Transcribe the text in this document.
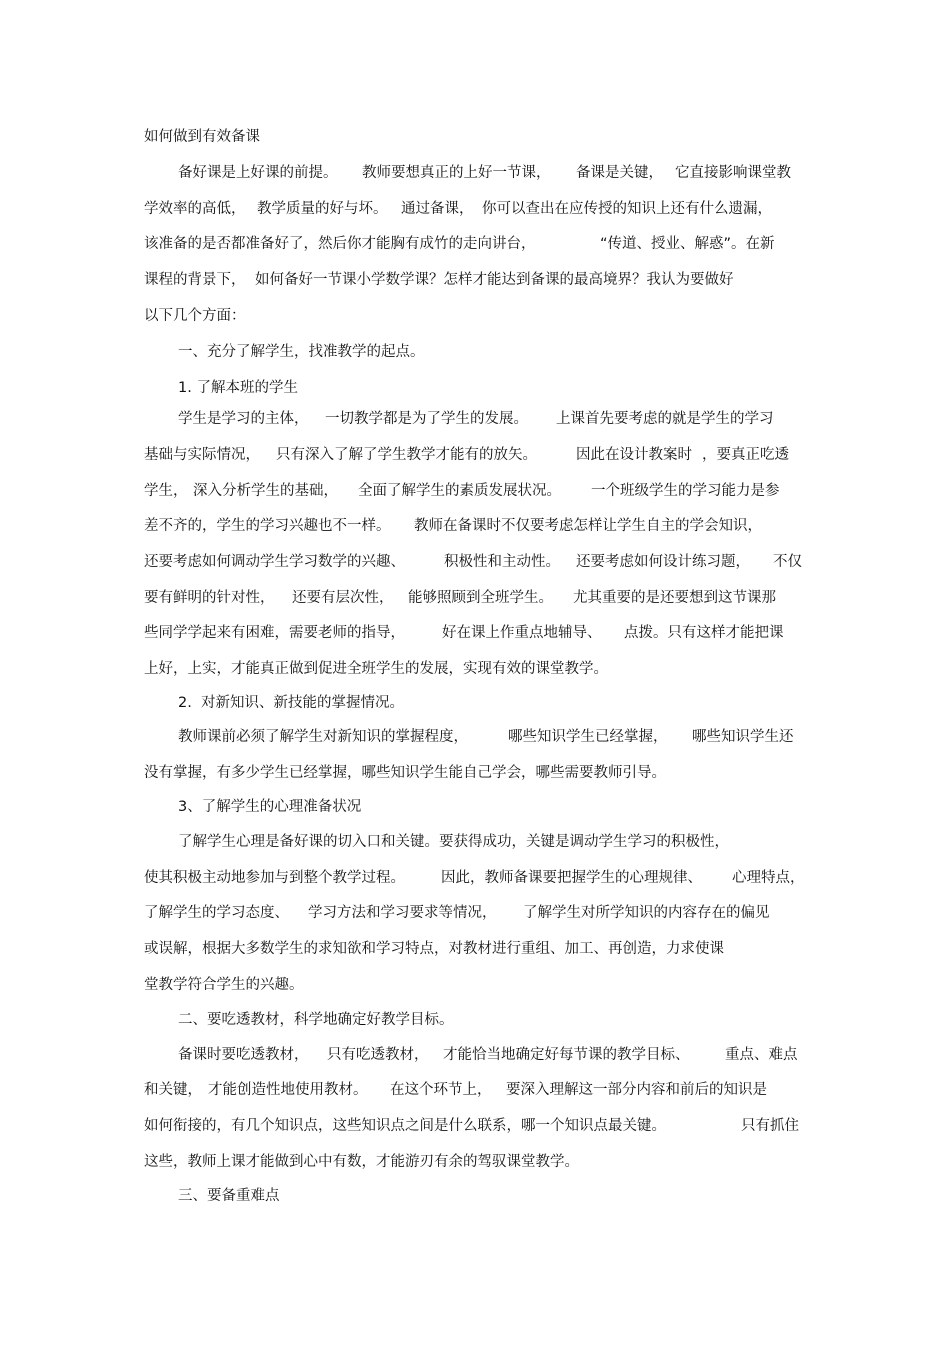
如何做到有效备课
备好课是上好课的前提。 教师要想真正的上好一节课， 备课是关键， 它直接影响课堂教
学效率的高低， 教学质量的好与坏。 通过备课， 你可以查出在应传授的知识上还有什么遗漏，
该准备的是否都准备好了，然后你才能胸有成竹的走向讲台，	“传道、授业、解惑”。在新
课程的背景下， 如何备好一节课小学数学课？怎样才能达到备课的最高境界？我认为要做好
以下几个方面：
一、充分了解学生，找准教学的起点。
1. 了解本班的学生
学生是学习的主体， 一切教学都是为了学生的发展。 上课首先要考虑的就是学生的学习
基础与实际情况， 只有深入了解了学生教学才能有的放矢。	因此在设计教案时 ，要真正吃透
学生， 深入分析学生的基础， 全面了解学生的素质发展状况。 一个班级学生的学习能力是参
差不齐的，学生的学习兴趣也不一样。 教师在备课时不仅要考虑怎样让学生自主的学会知识，
还要考虑如何调动学生学习数学的兴趣、	积极性和主动性。 还要考虑如何设计练习题， 不仅
要有鲜明的针对性， 还要有层次性， 能够照顾到全班学生。 尤其重要的是还要想到这节课那
些同学学起来有困难，需要老师的指导，	好在课上作重点地辅导、 点拨。只有这样才能把课
上好，上实，才能真正做到促进全班学生的发展，实现有效的课堂教学。
2.  对新知识、新技能的掌握情况。
教师课前必须了解学生对新知识的掌握程度，	哪些知识学生已经掌握， 哪些知识学生还
没有掌握，有多少学生已经掌握，哪些知识学生能自己学会，哪些需要教师引导。
3、了解学生的心理准备状况
了解学生心理是备好课的切入口和关键。要获得成功，关键是调动学生学习的积极性，
使其积极主动地参加与到整个教学过程。 因此，教师备课要把握学生的心理规律、 心理特点，
了解学生的学习态度、 学习方法和学习要求等情况， 了解学生对所学知识的内容存在的偏见
或误解，根据大多数学生的求知欲和学习特点，对教材进行重组、加工、再创造，力求使课
堂教学符合学生的兴趣。
二、要吃透教材，科学地确定好教学目标。
备课时要吃透教材， 只有吃透教材， 才能恰当地确定好每节课的教学目标、 重点、难点
和关键， 才能创造性地使用教材。 在这个环节上， 要深入理解这一部分内容和前后的知识是
如何衔接的，有几个知识点，这些知识点之间是什么联系，哪一个知识点最关键。	只有抓住
这些，教师上课才能做到心中有数，才能游刃有余的驾驭课堂教学。
三、要备重难点
